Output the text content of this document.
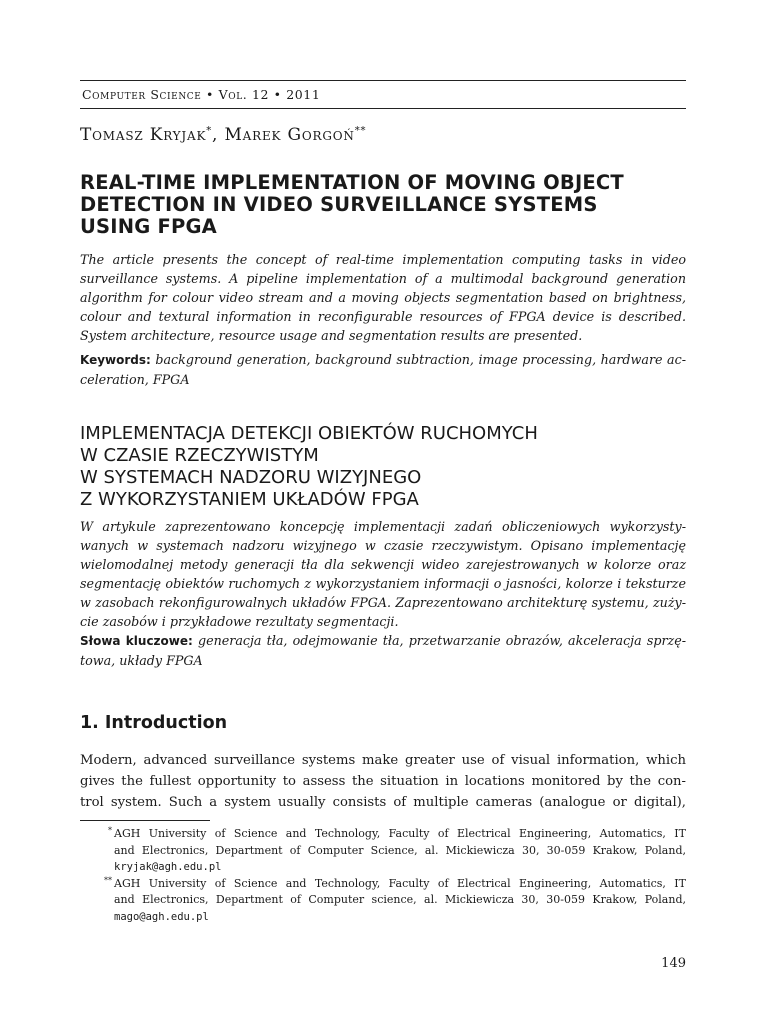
Computer Science • Vol. 12 • 2011
Tomasz Kryjak*, Marek Gorgoń**
REAL-TIME IMPLEMENTATION OF MOVING OBJECT
DETECTION IN VIDEO SURVEILLANCE SYSTEMS
USING FPGA
The article presents the concept of real-time implementation computing tasks in video
surveillance systems. A pipeline implementation of a multimodal background generation
algorithm for colour video stream and a moving objects segmentation based on brightness,
colour and textural information in reconfigurable resources of FPGA device is described.
System architecture, resource usage and segmentation results are presented.
Keywords: background generation, background subtraction, image processing, hardware ac-
celeration, FPGA
IMPLEMENTACJA DETEKCJI OBIEKTÓW RUCHOMYCH
W CZASIE RZECZYWISTYM
W SYSTEMACH NADZORU WIZYJNEGO
Z WYKORZYSTANIEM UKŁADÓW FPGA
W artykule zaprezentowano koncepcję implementacji zadań obliczeniowych wykorzysty-
wanych w systemach nadzoru wizyjnego w czasie rzeczywistym. Opisano implementację
wielomodalnej metody generacji tła dla sekwencji wideo zarejestrowanych w kolorze oraz
segmentację obiektów ruchomych z wykorzystaniem informacji o jasności, kolorze i teksturze
w zasobach rekonfigurowalnych układów FPGA. Zaprezentowano architekturę systemu, zuży-
cie zasobów i przykładowe rezultaty segmentacji.
Słowa kluczowe: generacja tła, odejmowanie tła, przetwarzanie obrazów, akceleracja sprzę-
towa, układy FPGA
1. Introduction
Modern, advanced surveillance systems make greater use of visual information, which
gives the fullest opportunity to assess the situation in locations monitored by the con-
trol system. Such a system usually consists of multiple cameras (analogue or digital),
* AGH University of Science and Technology, Faculty of Electrical Engineering, Automatics, IT
and Electronics, Department of Computer Science, al. Mickiewicza 30, 30-059 Krakow, Poland,
kryjak@agh.edu.pl
** AGH University of Science and Technology, Faculty of Electrical Engineering, Automatics, IT
and Electronics, Department of Computer science, al. Mickiewicza 30, 30-059 Krakow, Poland,
mago@agh.edu.pl
149
